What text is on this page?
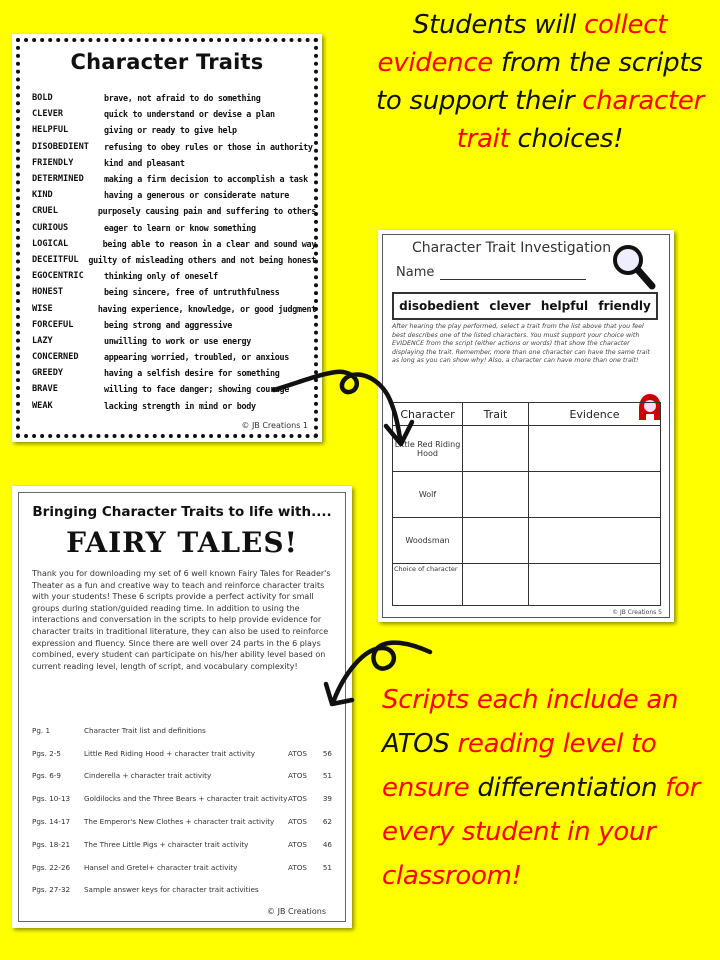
Character Traits
BOLD	brave, not afraid to do something
CLEVER	quick to understand or devise a plan
HELPFUL	giving or ready to give help
DISOBEDIENT	refusing to obey rules or those in authority
FRIENDLY	kind and pleasant
DETERMINED	making a firm decision to accomplish a task
KIND	having a generous or considerate nature
CRUEL	purposely causing pain and suffering to others
CURIOUS	eager to learn or know something
LOGICAL	being able to reason in a clear and sound way
DECEITFUL	guilty of misleading others and not being honest
EGOCENTRIC	thinking only of oneself
HONEST	being sincere, free of untruthfulness
WISE	having experience, knowledge, or good judgment
FORCEFUL	being strong and aggressive
LAZY	unwilling to work or use energy
CONCERNED	appearing worried, troubled, or anxious
GREEDY	having a selfish desire for something
BRAVE	willing to face danger; showing courage
WEAK	lacking strength in mind or body
© JB Creations 1
Students will collect evidence from the scripts to support their character trait choices!
Character Trait Investigation
Name
disobedient clever helpful friendly
After hearing the play performed, select a trait from the list above that you feel best describes one of the listed characters. You must support your choice with EVIDENCE from the script (either actions or words) that show the character displaying the trait. Remember, more than one character can have the same trait as long as you can show why! Also, a character can have more than one trait!
Character	Trait	Evidence
Little Red Riding Hood		
Wolf		
Woodsman		
Choice of character		
© JB Creations 5
Bringing Character Traits to life with....
FAIRY TALES!
Thank you for downloading my set of 6 well known Fairy Tales for Reader's Theater as a fun and creative way to teach and reinforce character traits with your students! These 6 scripts provide a perfect activity for small groups during station/guided reading time. In addition to using the interactions and conversation in the scripts to help provide evidence for character traits in traditional literature, they can also be used to reinforce expression and fluency. Since there are well over 24 parts in the 6 plays combined, every student can participate on his/her ability level based on current reading level, length of script, and vocabulary complexity!
Pg. 1	Character Trait list and definitions
Pgs. 2-5	Little Red Riding Hood + character trait activity	ATOS	56
Pgs. 6-9	Cinderella + character trait activity	ATOS	51
Pgs. 10-13	Goldilocks and the Three Bears + character trait activity ATOS	39
Pgs. 14-17	The Emperor's New Clothes + character trait activity	ATOS	62
Pgs. 18-21	The Three Little Pigs + character trait activity	ATOS	46
Pgs. 22-26	Hansel and Gretel+ character trait activity	ATOS	51
Pgs. 27-32	Sample answer keys for character trait activities
© JB Creations
Scripts each include an ATOS reading level to ensure differentiation for every student in your classroom!
